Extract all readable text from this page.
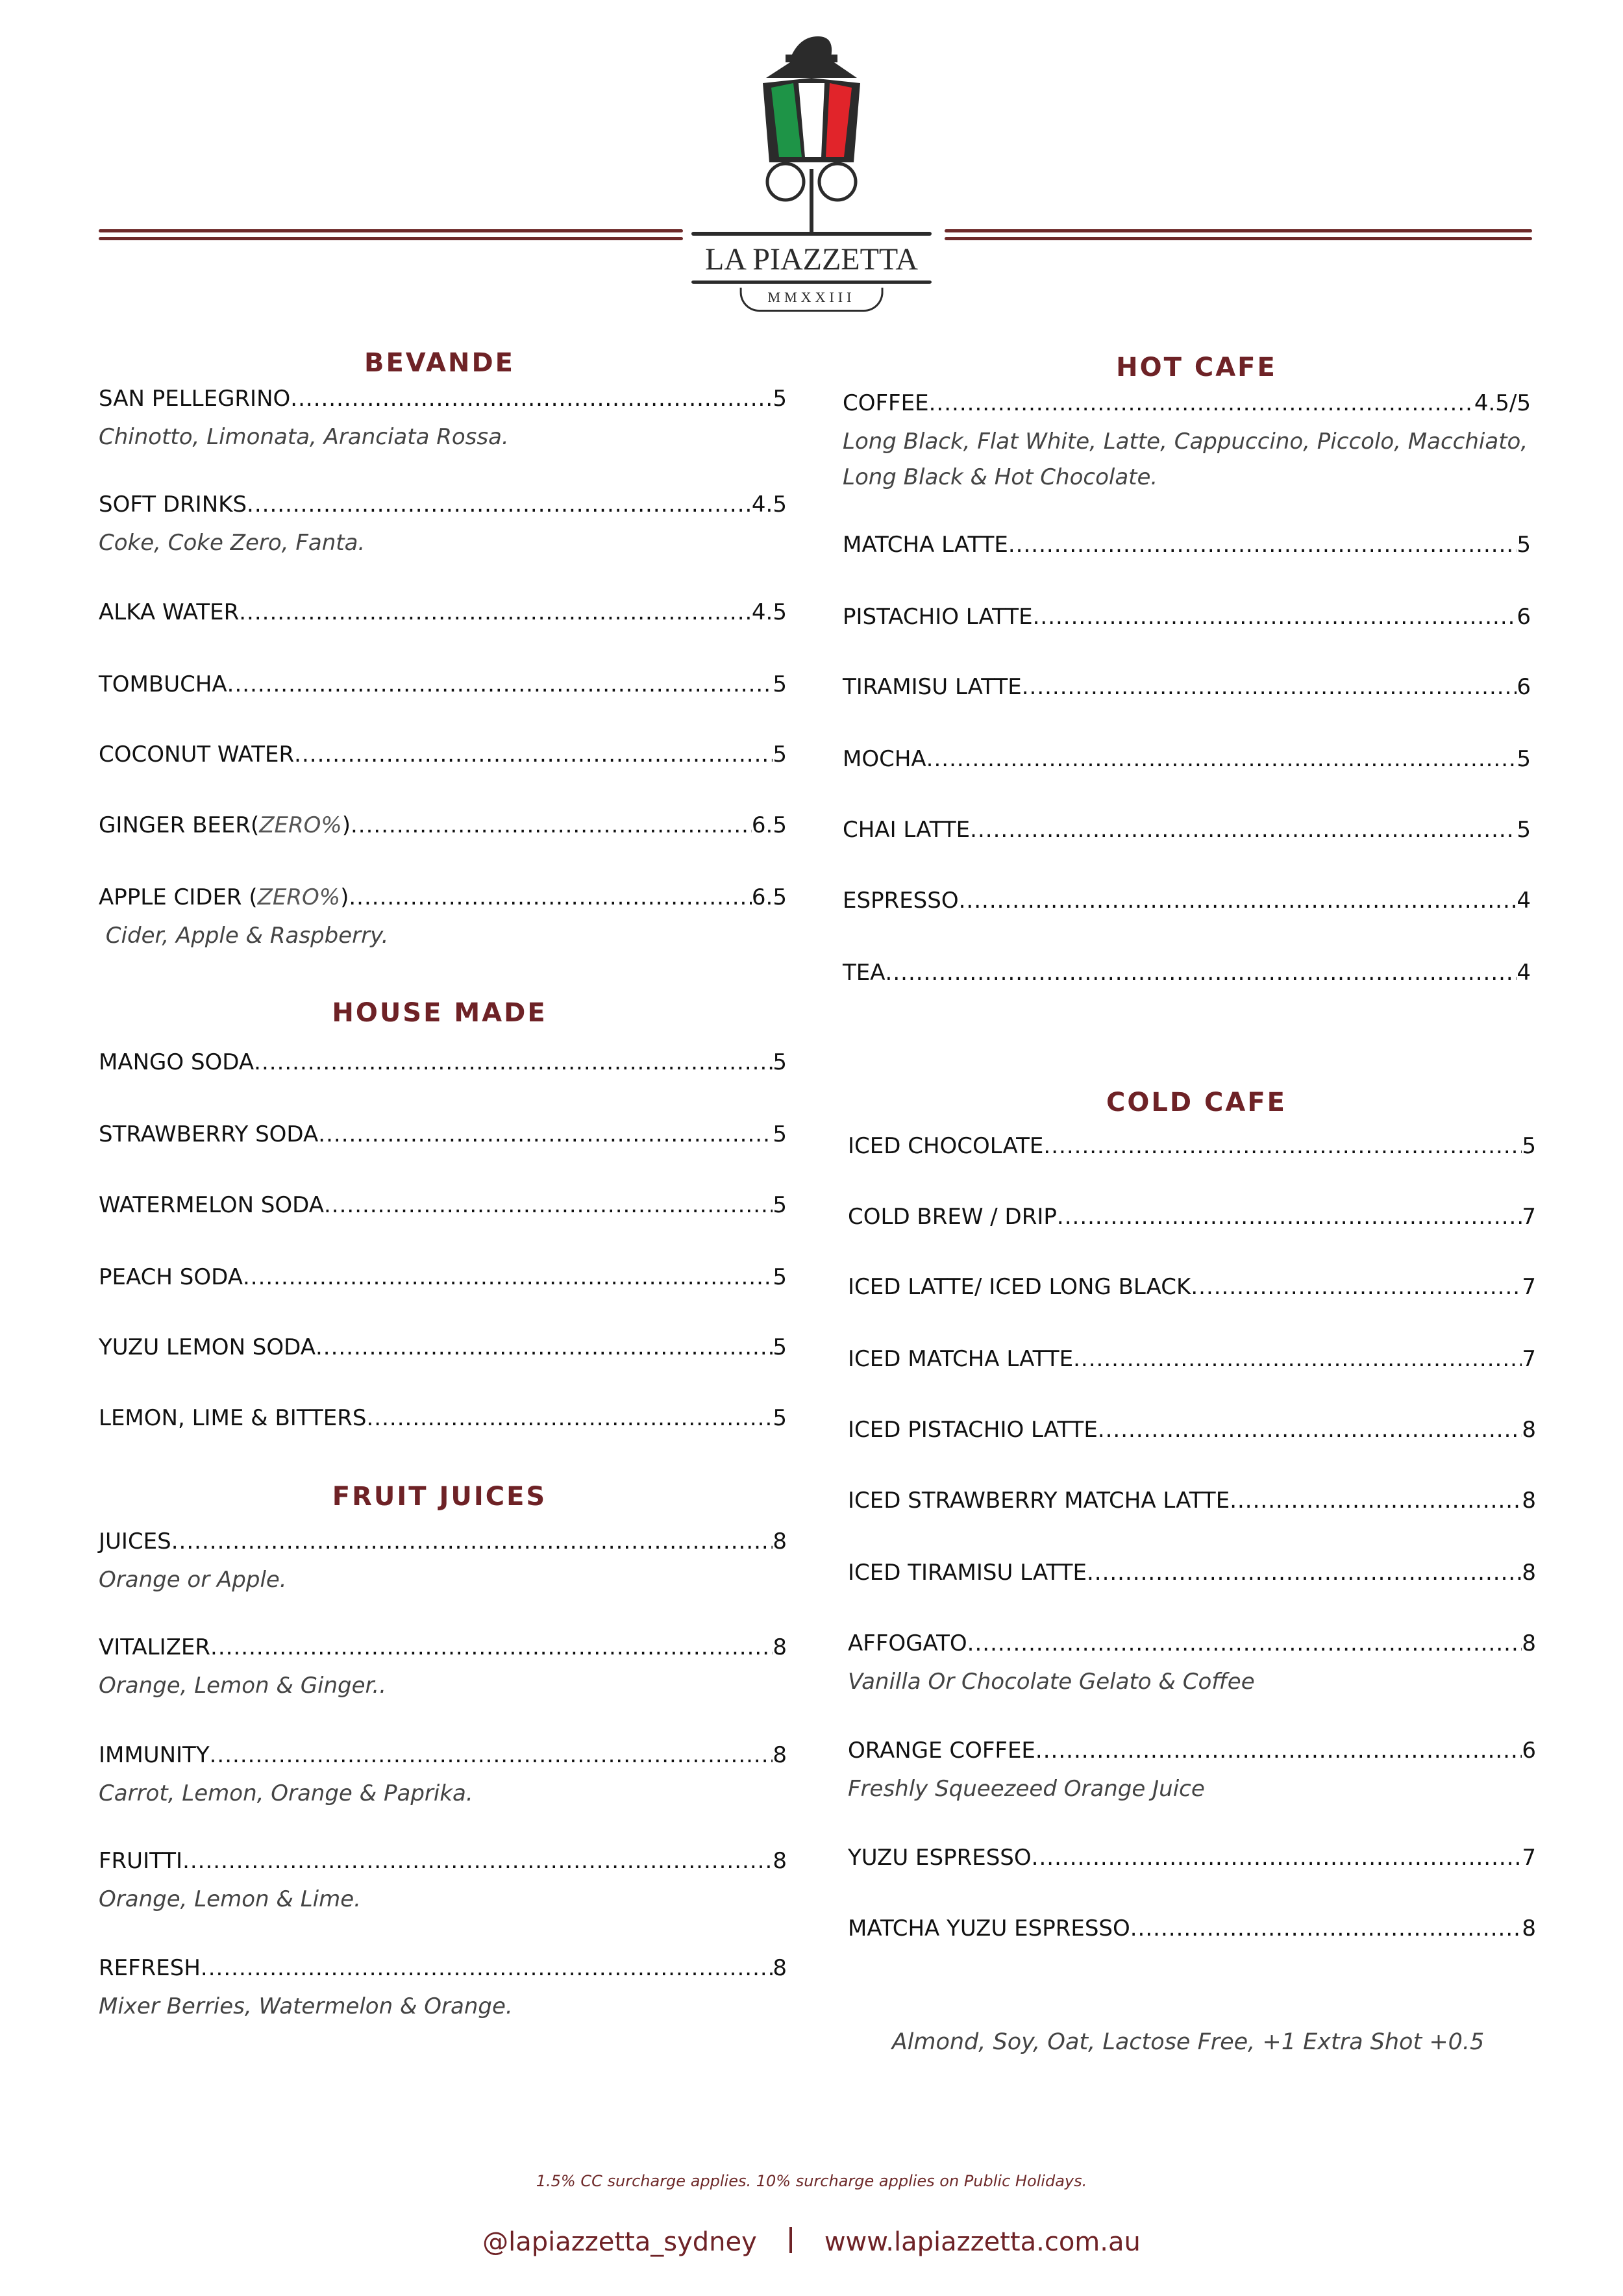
LA PIAZZETTA
MMXXIII
BEVANDE
SAN PELLEGRINO .....	5
Chinotto, Limonata, Aranciata Rossa.
SOFT DRINKS .....	4.5
Coke, Coke Zero, Fanta.
ALKA WATER .....	4.5
TOMBUCHA .....	5
COCONUT WATER .....	5
GINGER BEER(ZERO%) .....	6.5
APPLE CIDER (ZERO%) .....	6.5
Cider, Apple & Raspberry.
HOUSE MADE
MANGO SODA .....	5
STRAWBERRY SODA .....	5
WATERMELON SODA .....	5
PEACH SODA .....	5
YUZU LEMON SODA .....	5
LEMON, LIME & BITTERS .....	5
FRUIT JUICES
JUICES .....	8
Orange or Apple.
VITALIZER .....	8
Orange, Lemon & Ginger..
IMMUNITY .....	8
Carrot, Lemon, Orange & Paprika.
FRUITTI .....	8
Orange, Lemon & Lime.
REFRESH .....	8
Mixer Berries, Watermelon & Orange.
HOT CAFE
COFFEE .....	4.5/5
Long Black, Flat White, Latte, Cappuccino, Piccolo, Macchiato,
Long Black & Hot Chocolate.
MATCHA LATTE .....	5
PISTACHIO LATTE .....	6
TIRAMISU LATTE .....	6
MOCHA .....	5
CHAI LATTE .....	5
ESPRESSO .....	4
TEA .....	4
COLD CAFE
ICED CHOCOLATE .....	5
COLD BREW / DRIP .....	7
ICED LATTE/ ICED LONG BLACK .....	7
ICED MATCHA LATTE .....	7
ICED PISTACHIO LATTE .....	8
ICED STRAWBERRY MATCHA LATTE .....	8
ICED TIRAMISU LATTE .....	8
AFFOGATO .....	8
Vanilla Or Chocolate Gelato & Coffee
ORANGE COFFEE .....	6
Freshly Squeezeed Orange Juice
YUZU ESPRESSO .....	7
MATCHA YUZU ESPRESSO .....	8
Almond, Soy, Oat, Lactose Free, +1 Extra Shot +0.5
1.5% CC surcharge applies. 10% surcharge applies on Public Holidays.
@lapiazzetta_sydney	www.lapiazzetta.com.au
